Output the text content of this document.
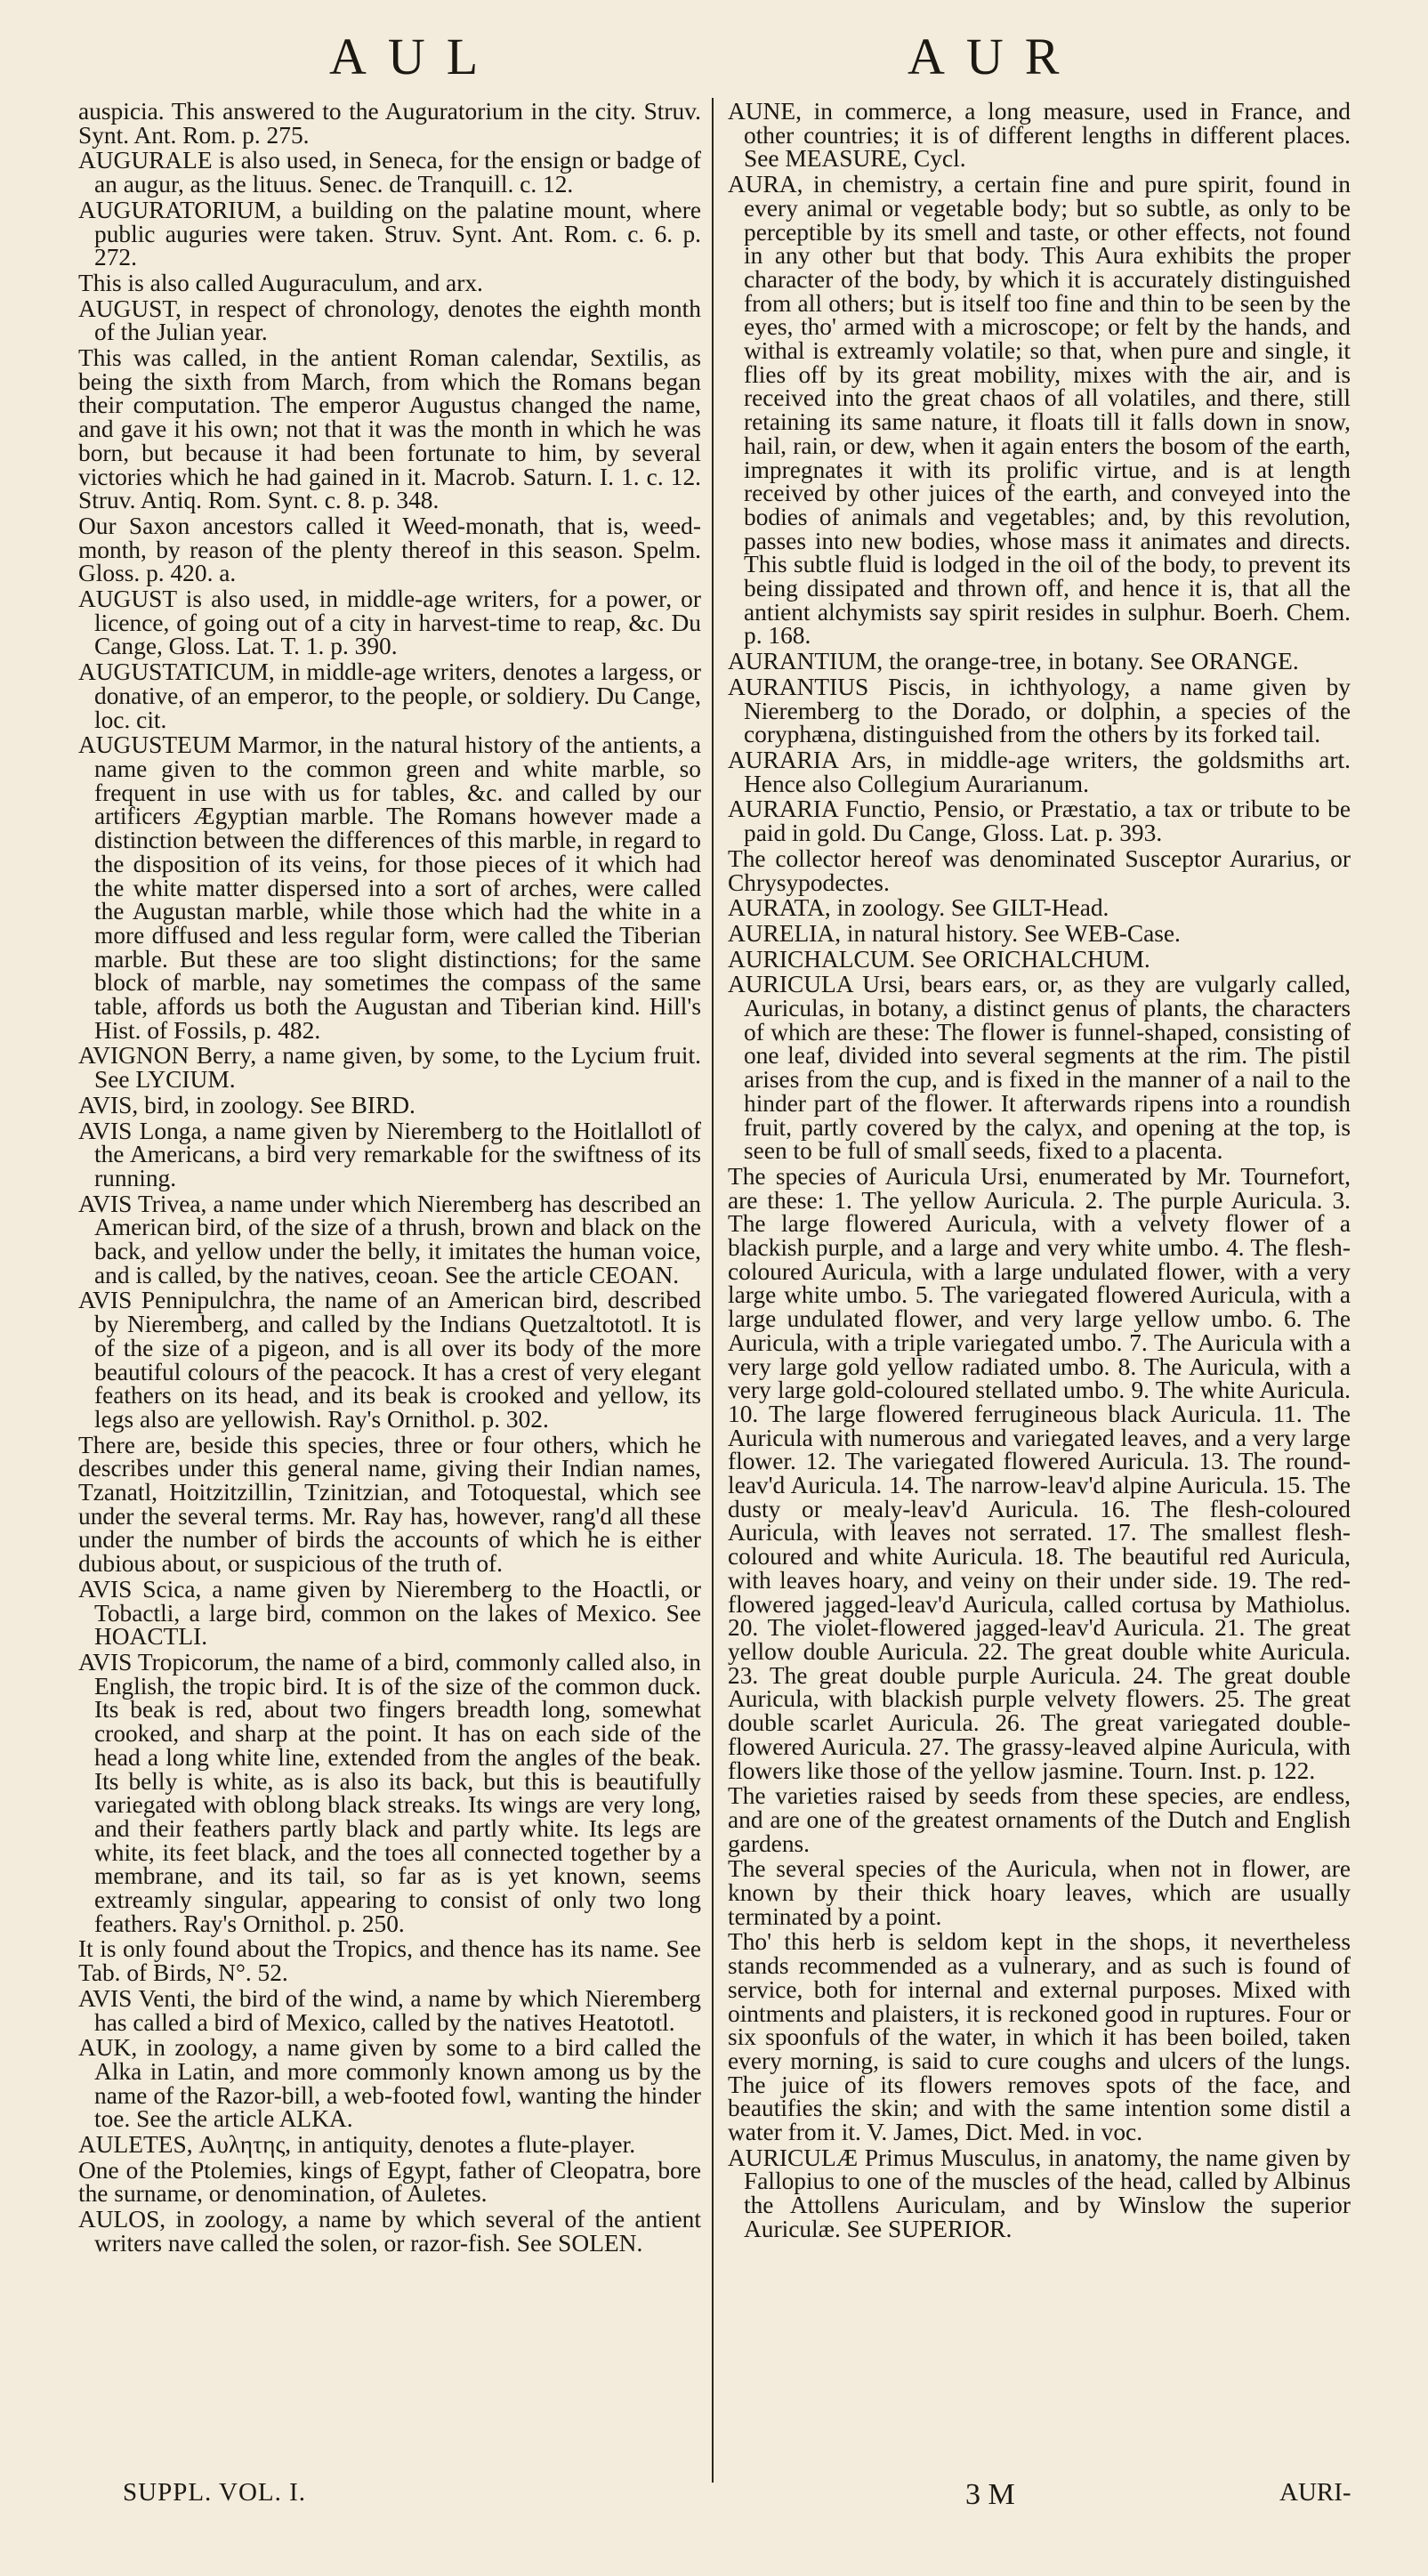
AUL	AUR

auspicia. This answered to the Auguratorium in the city. Struv. Synt. Ant. Rom. p. 275.

AUGURALE is also used, in Seneca, for the ensign or badge of an augur, as the lituus. Senec. de Tranquill. c. 12.

AUGURATORIUM, a building on the palatine mount, where public auguries were taken. Struv. Synt. Ant. Rom. c. 6. p. 272.

This is also called Auguraculum, and arx.

AUGUST, in respect of chronology, denotes the eighth month of the Julian year.

This was called, in the antient Roman calendar, Sextilis, as being the sixth from March, from which the Romans began their computation. The emperor Augustus changed the name, and gave it his own; not that it was the month in which he was born, but because it had been fortunate to him, by several victories which he had gained in it. Macrob. Saturn. I. 1. c. 12. Struv. Antiq. Rom. Synt. c. 8. p. 348.

Our Saxon ancestors called it Weed-monath, that is, weed-month, by reason of the plenty thereof in this season. Spelm. Gloss. p. 420. a.

AUGUST is also used, in middle-age writers, for a power, or licence, of going out of a city in harvest-time to reap, &c. Du Cange, Gloss. Lat. T. 1. p. 390.

AUGUSTATICUM, in middle-age writers, denotes a largess, or donative, of an emperor, to the people, or soldiery. Du Cange, loc. cit.

AUGUSTEUM Marmor, in the natural history of the antients, a name given to the common green and white marble, so frequent in use with us for tables, &c. and called by our artificers Ægyptian marble. The Romans however made a distinction between the differences of this marble, in regard to the disposition of its veins, for those pieces of it which had the white matter dispersed into a sort of arches, were called the Augustan marble, while those which had the white in a more diffused and less regular form, were called the Tiberian marble. But these are too slight distinctions; for the same block of marble, nay sometimes the compass of the same table, affords us both the Augustan and Tiberian kind. Hill's Hist. of Fossils, p. 482.

AVIGNON Berry, a name given, by some, to the Lycium fruit. See LYCIUM.

AVIS, bird, in zoology. See BIRD.

AVIS Longa, a name given by Nieremberg to the Hoitlallotl of the Americans, a bird very remarkable for the swiftness of its running.

AVIS Trivea, a name under which Nieremberg has described an American bird, of the size of a thrush, brown and black on the back, and yellow under the belly, it imitates the human voice, and is called, by the natives, ceoan. See the article CEOAN.

AVIS Pennipulchra, the name of an American bird, described by Nieremberg, and called by the Indians Quetzaltototl. It is of the size of a pigeon, and is all over its body of the more beautiful colours of the peacock. It has a crest of very elegant feathers on its head, and its beak is crooked and yellow, its legs also are yellowish. Ray's Ornithol. p. 302.

There are, beside this species, three or four others, which he describes under this general name, giving their Indian names, Tzanatl, Hoitzitzillin, Tzinitzian, and Totoquestal, which see under the several terms. Mr. Ray has, however, rang'd all these under the number of birds the accounts of which he is either dubious about, or suspicious of the truth of.

AVIS Scica, a name given by Nieremberg to the Hoactli, or Tobactli, a large bird, common on the lakes of Mexico. See HOACTLI.

AVIS Tropicorum, the name of a bird, commonly called also, in English, the tropic bird. It is of the size of the common duck. Its beak is red, about two fingers breadth long, somewhat crooked, and sharp at the point. It has on each side of the head a long white line, extended from the angles of the beak. Its belly is white, as is also its back, but this is beautifully variegated with oblong black streaks. Its wings are very long, and their feathers partly black and partly white. Its legs are white, its feet black, and the toes all connected together by a membrane, and its tail, so far as is yet known, seems extreamly singular, appearing to consist of only two long feathers. Ray's Ornithol. p. 250.

It is only found about the Tropics, and thence has its name. See Tab. of Birds, N°. 52.

AVIS Venti, the bird of the wind, a name by which Nieremberg has called a bird of Mexico, called by the natives Heatototl.

AUK, in zoology, a name given by some to a bird called the Alka in Latin, and more commonly known among us by the name of the Razor-bill, a web-footed fowl, wanting the hinder toe. See the article ALKA.

AULETES, Αυλητης, in antiquity, denotes a flute-player.

One of the Ptolemies, kings of Egypt, father of Cleopatra, bore the surname, or denomination, of Auletes.

AULOS, in zoology, a name by which several of the antient writers nave called the solen, or razor-fish. See SOLEN.

AUNE, in commerce, a long measure, used in France, and other countries; it is of different lengths in different places. See MEASURE, Cycl.

AURA, in chemistry, a certain fine and pure spirit, found in every animal or vegetable body; but so subtle, as only to be perceptible by its smell and taste, or other effects, not found in any other but that body. This Aura exhibits the proper character of the body, by which it is accurately distinguished from all others; but is itself too fine and thin to be seen by the eyes, tho' armed with a microscope; or felt by the hands, and withal is extreamly volatile; so that, when pure and single, it flies off by its great mobility, mixes with the air, and is received into the great chaos of all volatiles, and there, still retaining its same nature, it floats till it falls down in snow, hail, rain, or dew, when it again enters the bosom of the earth, impregnates it with its prolific virtue, and is at length received by other juices of the earth, and conveyed into the bodies of animals and vegetables; and, by this revolution, passes into new bodies, whose mass it animates and directs. This subtle fluid is lodged in the oil of the body, to prevent its being dissipated and thrown off, and hence it is, that all the antient alchymists say spirit resides in sulphur. Boerh. Chem. p. 168.

AURANTIUM, the orange-tree, in botany. See ORANGE.

AURANTIUS Piscis, in ichthyology, a name given by Nieremberg to the Dorado, or dolphin, a species of the coryphæna, distinguished from the others by its forked tail.

AURARIA Ars, in middle-age writers, the goldsmiths art. Hence also Collegium Aurarianum.

AURARIA Functio, Pensio, or Præstatio, a tax or tribute to be paid in gold. Du Cange, Gloss. Lat. p. 393.

The collector hereof was denominated Susceptor Aurarius, or Chrysypodectes.

AURATA, in zoology. See GILT-Head.

AURELIA, in natural history. See WEB-Case.

AURICHALCUM. See ORICHALCHUM.

AURICULA Ursi, bears ears, or, as they are vulgarly called, Auriculas, in botany, a distinct genus of plants, the characters of which are these: The flower is funnel-shaped, consisting of one leaf, divided into several segments at the rim. The pistil arises from the cup, and is fixed in the manner of a nail to the hinder part of the flower. It afterwards ripens into a roundish fruit, partly covered by the calyx, and opening at the top, is seen to be full of small seeds, fixed to a placenta.

The species of Auricula Ursi, enumerated by Mr. Tournefort, are these: 1. The yellow Auricula. 2. The purple Auricula. 3. The large flowered Auricula, with a velvety flower of a blackish purple, and a large and very white umbo. 4. The flesh-coloured Auricula, with a large undulated flower, with a very large white umbo. 5. The variegated flowered Auricula, with a large undulated flower, and very large yellow umbo. 6. The Auricula, with a triple variegated umbo. 7. The Auricula with a very large gold yellow radiated umbo. 8. The Auricula, with a very large gold-coloured stellated umbo. 9. The white Auricula. 10. The large flowered ferrugineous black Auricula. 11. The Auricula with numerous and variegated leaves, and a very large flower. 12. The variegated flowered Auricula. 13. The round-leav'd Auricula. 14. The narrow-leav'd alpine Auricula. 15. The dusty or mealy-leav'd Auricula. 16. The flesh-coloured Auricula, with leaves not serrated. 17. The smallest flesh-coloured and white Auricula. 18. The beautiful red Auricula, with leaves hoary, and veiny on their under side. 19. The red-flowered jagged-leav'd Auricula, called cortusa by Mathiolus. 20. The violet-flowered jagged-leav'd Auricula. 21. The great yellow double Auricula. 22. The great double white Auricula. 23. The great double purple Auricula. 24. The great double Auricula, with blackish purple velvety flowers. 25. The great double scarlet Auricula. 26. The great variegated double-flowered Auricula. 27. The grassy-leaved alpine Auricula, with flowers like those of the yellow jasmine. Tourn. Inst. p. 122.

The varieties raised by seeds from these species, are endless, and are one of the greatest ornaments of the Dutch and English gardens.

The several species of the Auricula, when not in flower, are known by their thick hoary leaves, which are usually terminated by a point.

Tho' this herb is seldom kept in the shops, it nevertheless stands recommended as a vulnerary, and as such is found of service, both for internal and external purposes. Mixed with ointments and plaisters, it is reckoned good in ruptures. Four or six spoonfuls of the water, in which it has been boiled, taken every morning, is said to cure coughs and ulcers of the lungs. The juice of its flowers removes spots of the face, and beautifies the skin; and with the same intention some distil a water from it. V. James, Dict. Med. in voc.

AURICULÆ Primus Musculus, in anatomy, the name given by Fallopius to one of the muscles of the head, called by Albinus the Attollens Auriculam, and by Winslow the superior Auriculæ. See SUPERIOR.

SUPPL. VOL. I.	3 M	AURI-
